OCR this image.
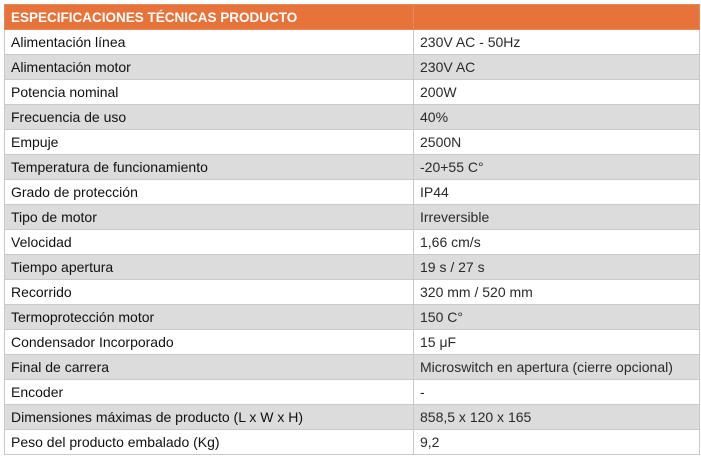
ESPECIFICACIONES TÉCNICAS PRODUCTO	
Alimentación línea	230V AC - 50Hz
Alimentación motor	230V AC
Potencia nominal	200W
Frecuencia de uso	40%
Empuje	2500N
Temperatura de funcionamiento	-20+55 C°
Grado de protección	IP44
Tipo de motor	Irreversible
Velocidad	1,66 cm/s
Tiempo apertura	19 s / 27 s
Recorrido	320 mm / 520 mm
Termoprotección motor	150 C°
Condensador Incorporado	15 μF
Final de carrera	Microswitch en apertura (cierre opcional)
Encoder	-
Dimensiones máximas de producto (L x W x H)	858,5 x 120 x 165
Peso del producto embalado (Kg)	9,2
